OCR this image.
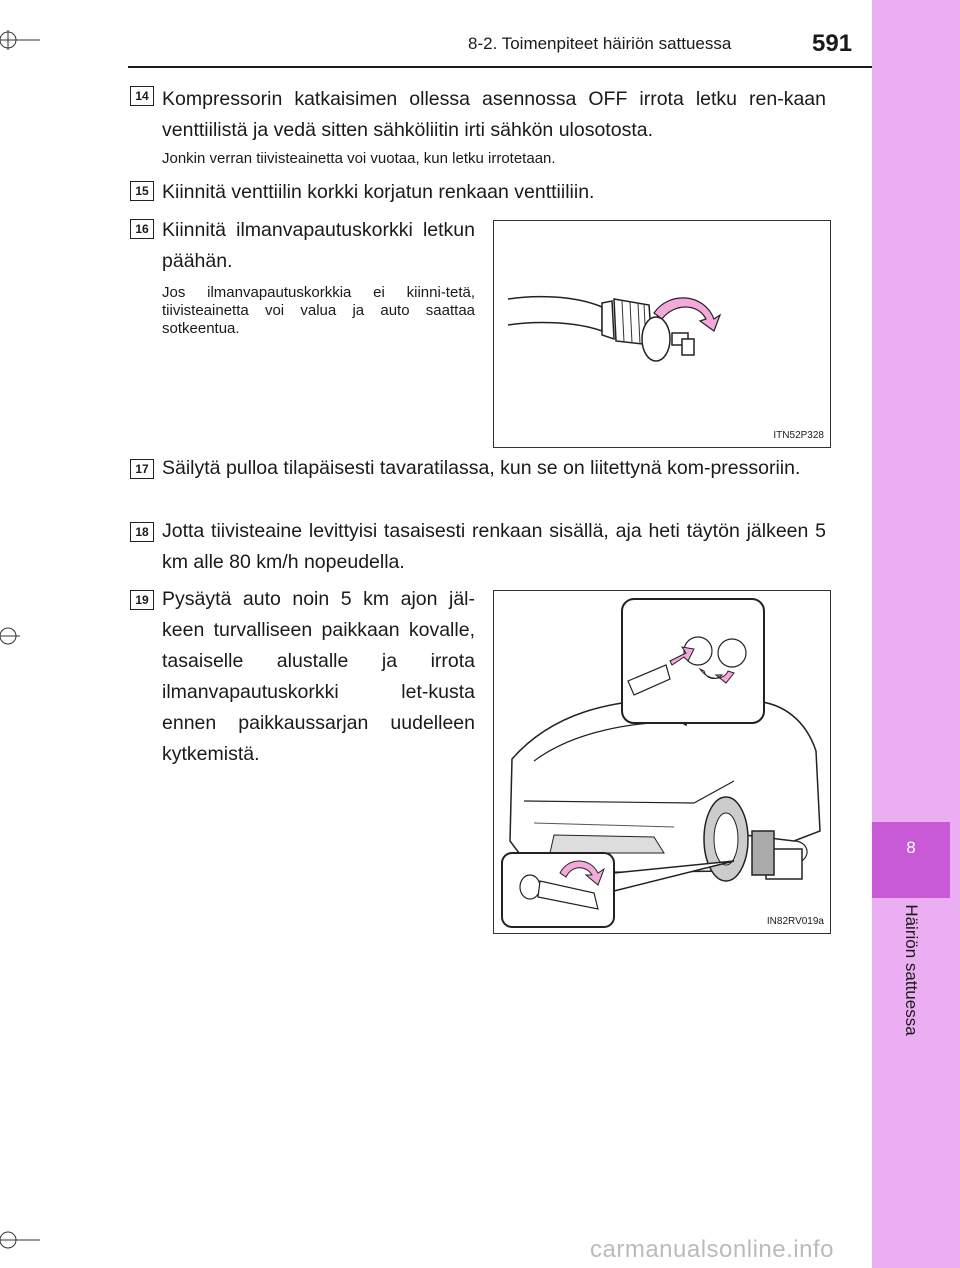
8
Häiriön sattuessa
8-2. Toimenpiteet häiriön sattuessa	591
14 Kompressorin katkaisimen ollessa asennossa OFF irrota letku ren-kaan venttiilistä ja vedä sitten sähköliitin irti sähkön ulosotosta.
Jonkin verran tiivisteainetta voi vuotaa, kun letku irrotetaan.
15 Kiinnitä venttiilin korkki korjatun renkaan venttiiliin.
16 Kiinnitä ilmanvapautuskorkki letkun päähän.
Jos ilmanvapautuskorkkia ei kiinni-tetä, tiivisteainetta voi valua ja auto saattaa sotkeentua.
ITN52P328
17 Säilytä pulloa tilapäisesti tavaratilassa, kun se on liitettynä kom-pressoriin.
18 Jotta tiivisteaine levittyisi tasaisesti renkaan sisällä, aja heti täytön jälkeen 5 km alle 80 km/h nopeudella.
19 Pysäytä auto noin 5 km ajon jäl-keen turvalliseen paikkaan kovalle, tasaiselle alustalle ja irrota ilmanvapautuskorkki let-kusta ennen paikkaussarjan uudelleen kytkemistä.
IN82RV019a
carmanualsonline.info
